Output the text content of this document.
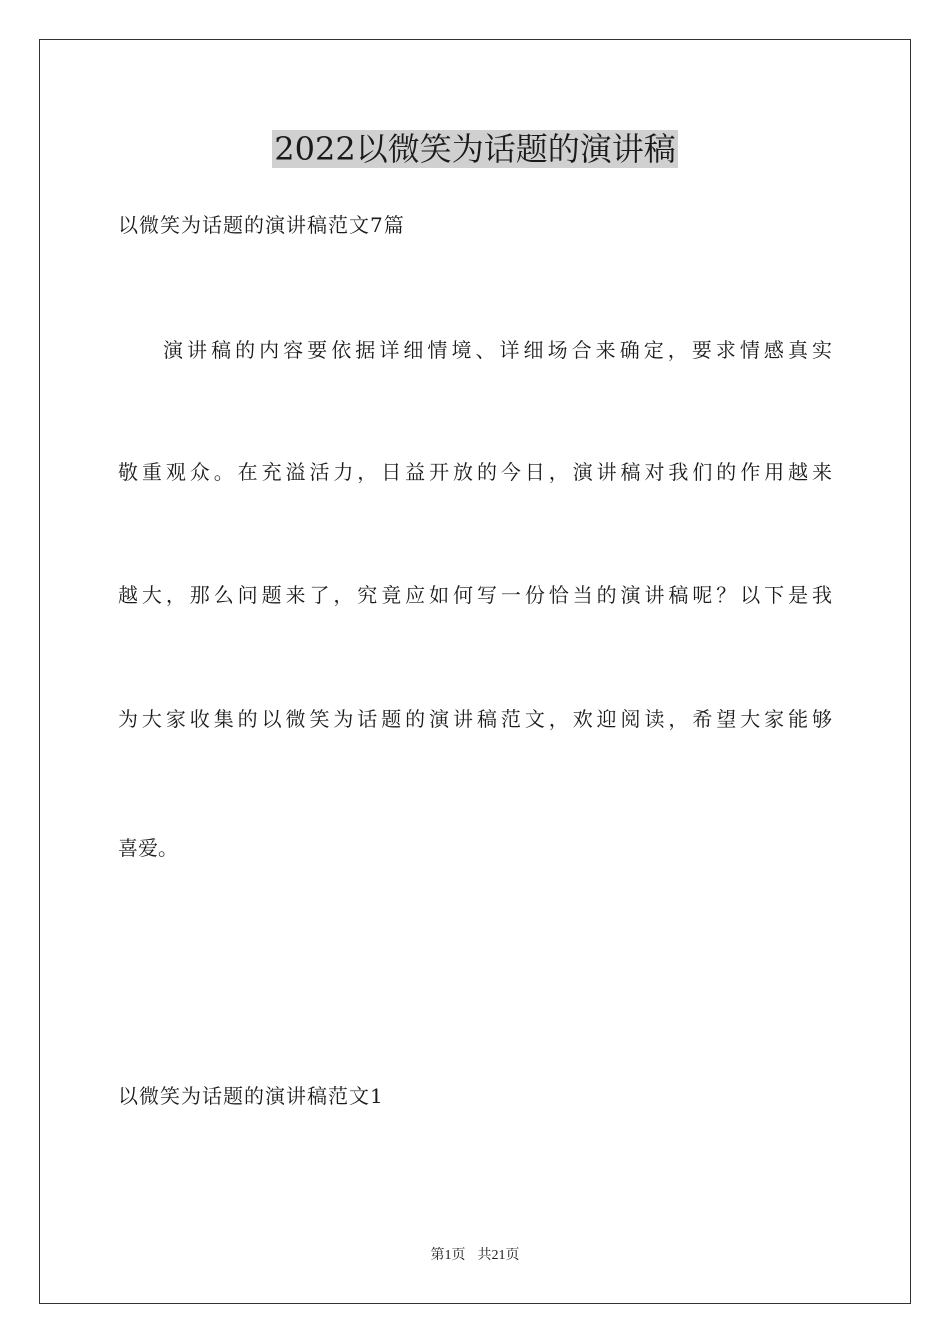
2022以微笑为话题的演讲稿
以微笑为话题的演讲稿范文7篇
演讲稿的内容要依据详细情境、详细场合来确定，要求情感真实
敬重观众。在充溢活力，日益开放的今日，演讲稿对我们的作用越来
越大，那么问题来了，究竟应如何写一份恰当的演讲稿呢？以下是我
为大家收集的以微笑为话题的演讲稿范文，欢迎阅读，希望大家能够
喜爱。
以微笑为话题的演讲稿范文1
第1页 共21页
